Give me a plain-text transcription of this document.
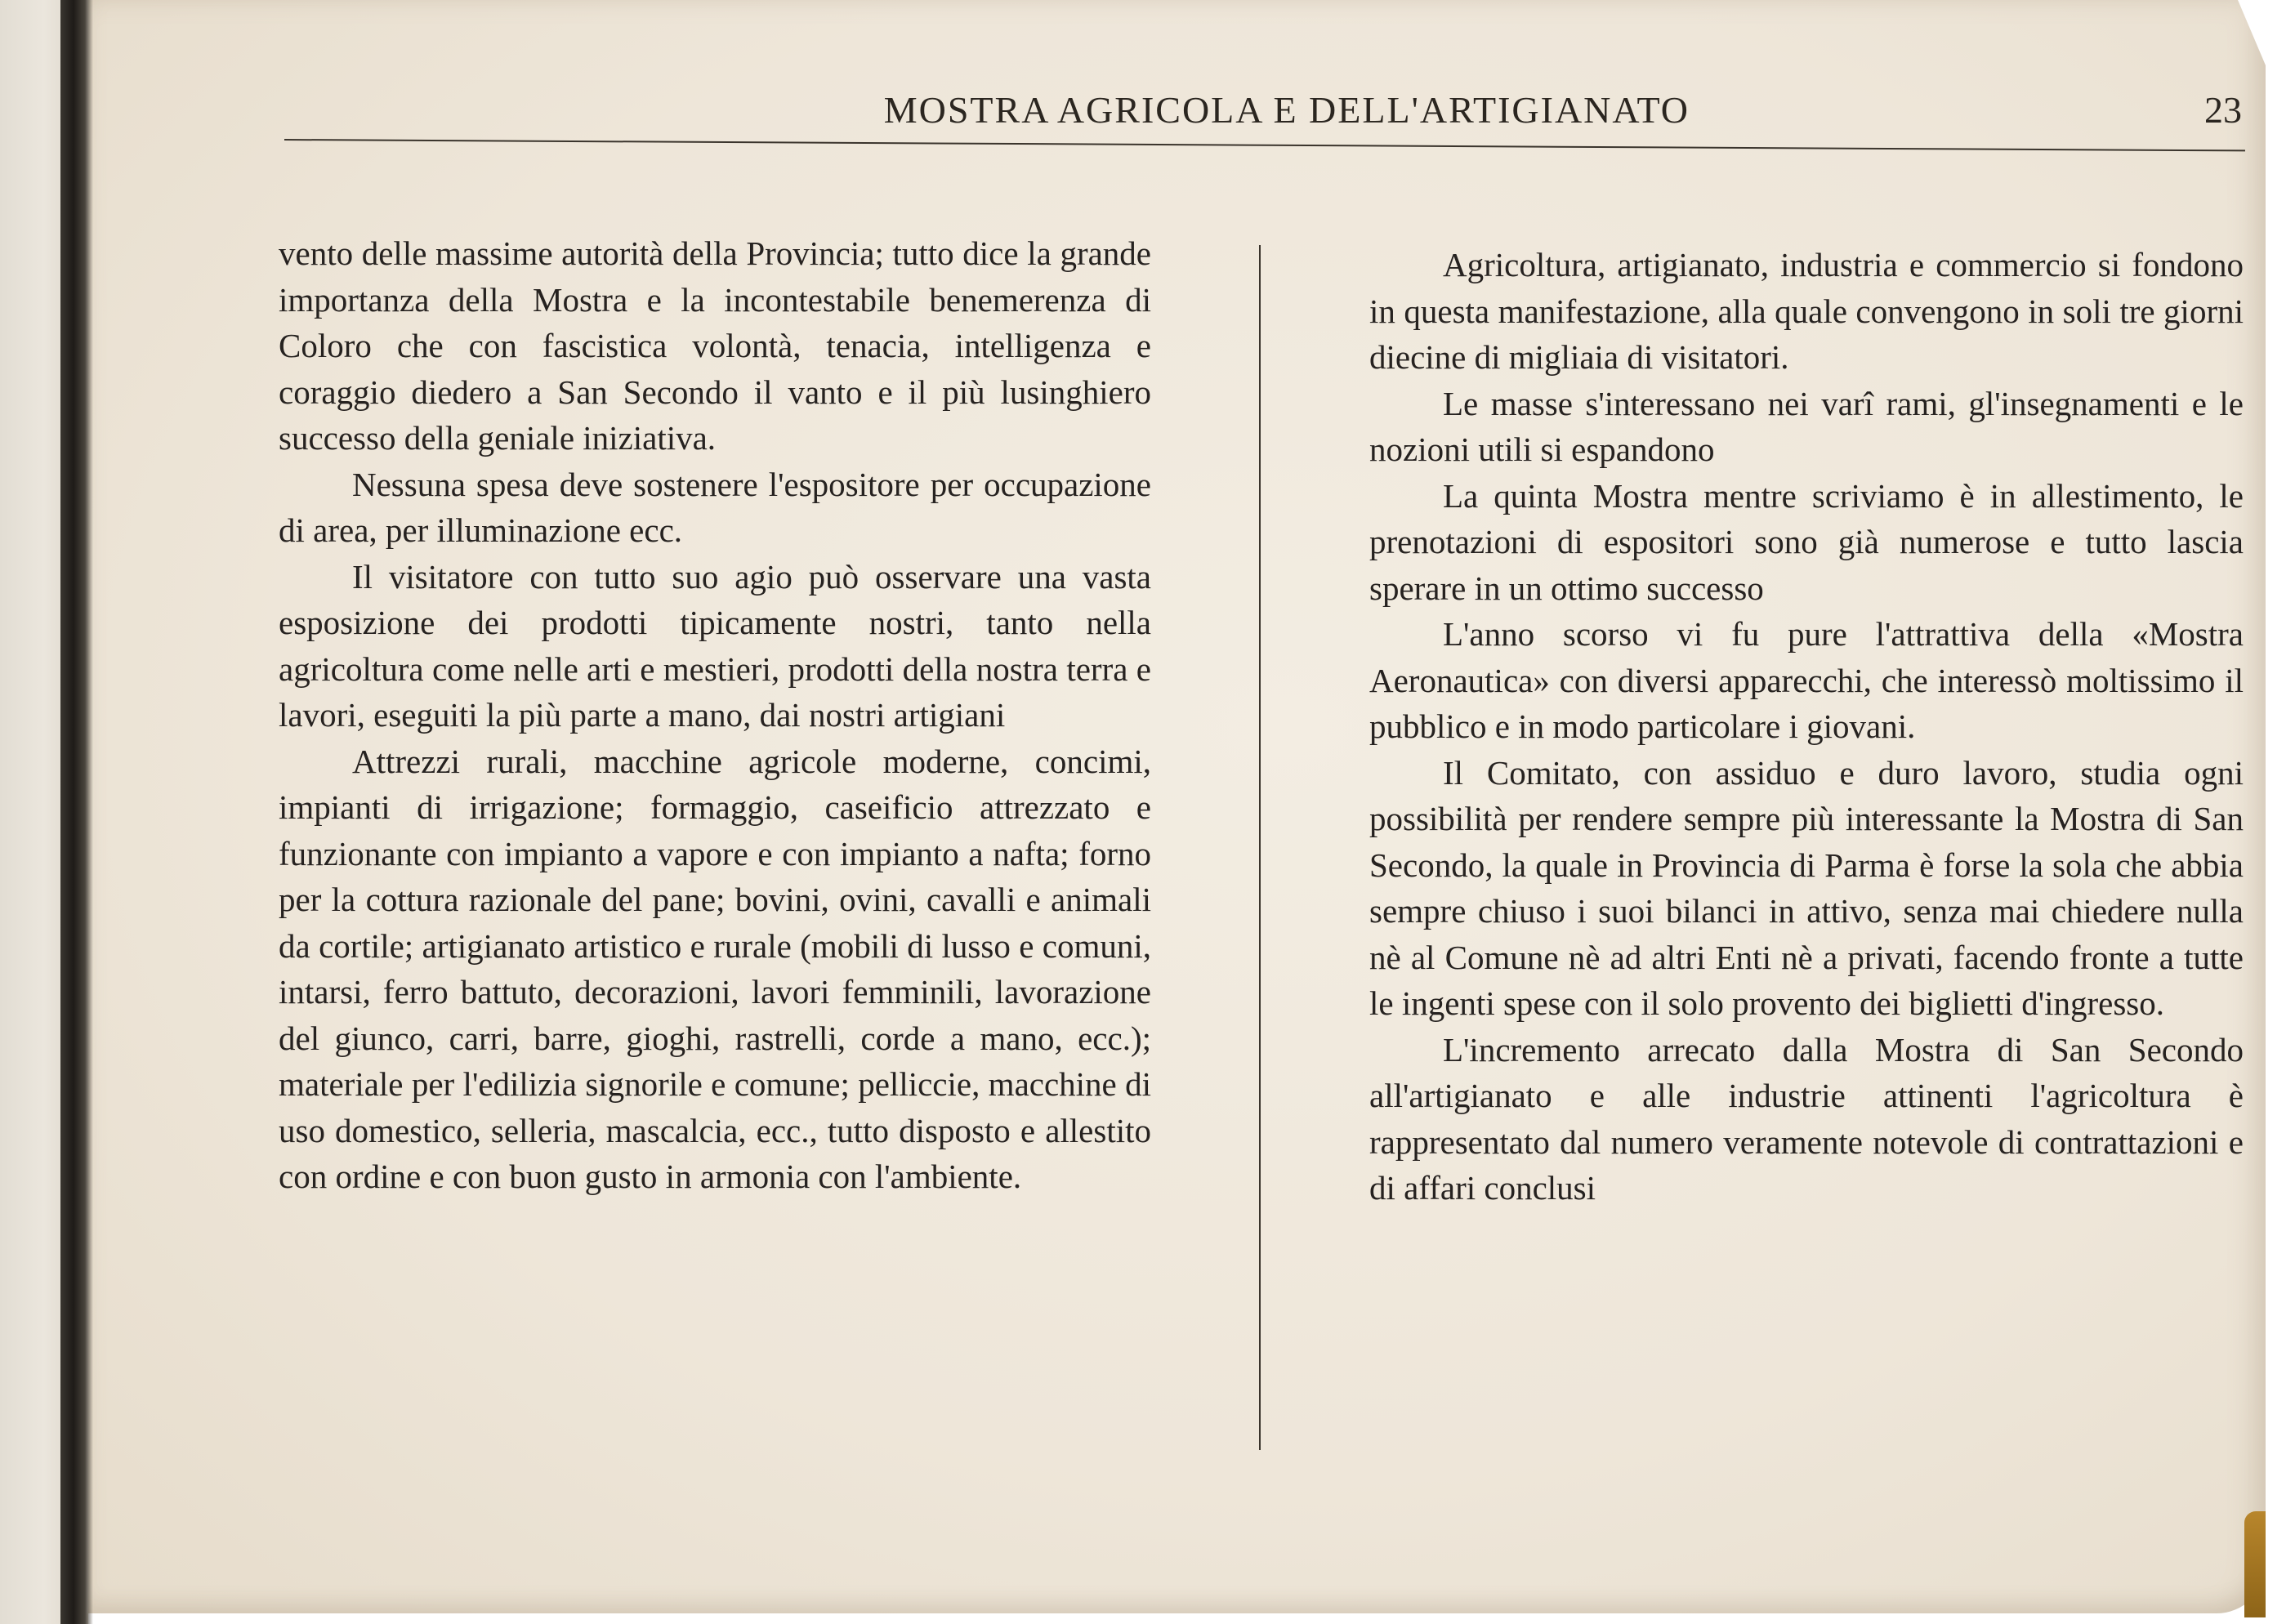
MOSTRA AGRICOLA E DELL'ARTIGIANATO	23

vento delle massime autorità della Provincia; tutto dice la grande importanza della Mostra e la incontestabile benemerenza di Coloro che con fascistica volontà, tenacia, intelligenza e coraggio diedero a San Secondo il vanto e il più lusinghiero successo della geniale iniziativa.

Nessuna spesa deve sostenere l'espositore per occupazione di area, per illuminazione ecc.

Il visitatore con tutto suo agio può osservare una vasta esposizione dei prodotti tipicamente nostri, tanto nella agricoltura come nelle arti e mestieri, prodotti della nostra terra e lavori, eseguiti la più parte a mano, dai nostri artigiani

Attrezzi rurali, macchine agricole moderne, concimi, impianti di irrigazione; formaggio, caseificio attrezzato e funzionante con impianto a vapore e con impianto a nafta; forno per la cottura razionale del pane; bovini, ovini, cavalli e animali da cortile; artigianato artistico e rurale (mobili di lusso e comuni, intarsi, ferro battuto, decorazioni, lavori femminili, lavorazione del giunco, carri, barre, gioghi, rastrelli, corde a mano, ecc.); materiale per l'edilizia signorile e comune; pelliccie, macchine di uso domestico, selleria, mascalcia, ecc., tutto disposto e allestito con ordine e con buon gusto in armonia con l'ambiente.

Agricoltura, artigianato, industria e commercio si fondono in questa manifestazione, alla quale convengono in soli tre giorni diecine di migliaia di visitatori.

Le masse s'interessano nei varî rami, gl'insegnamenti e le nozioni utili si espandono

La quinta Mostra mentre scriviamo è in allestimento, le prenotazioni di espositori sono già numerose e tutto lascia sperare in un ottimo successo

L'anno scorso vi fu pure l'attrattiva della «Mostra Aeronautica» con diversi apparecchi, che interessò moltissimo il pubblico e in modo particolare i giovani.

Il Comitato, con assiduo e duro lavoro, studia ogni possibilità per rendere sempre più interessante la Mostra di San Secondo, la quale in Provincia di Parma è forse la sola che abbia sempre chiuso i suoi bilanci in attivo, senza mai chiedere nulla nè al Comune nè ad altri Enti nè a privati, facendo fronte a tutte le ingenti spese con il solo provento dei biglietti d'ingresso.

L'incremento arrecato dalla Mostra di San Secondo all'artigianato e alle industrie attinenti l'agricoltura è rappresentato dal numero veramente notevole di contrattazioni e di affari conclusi
